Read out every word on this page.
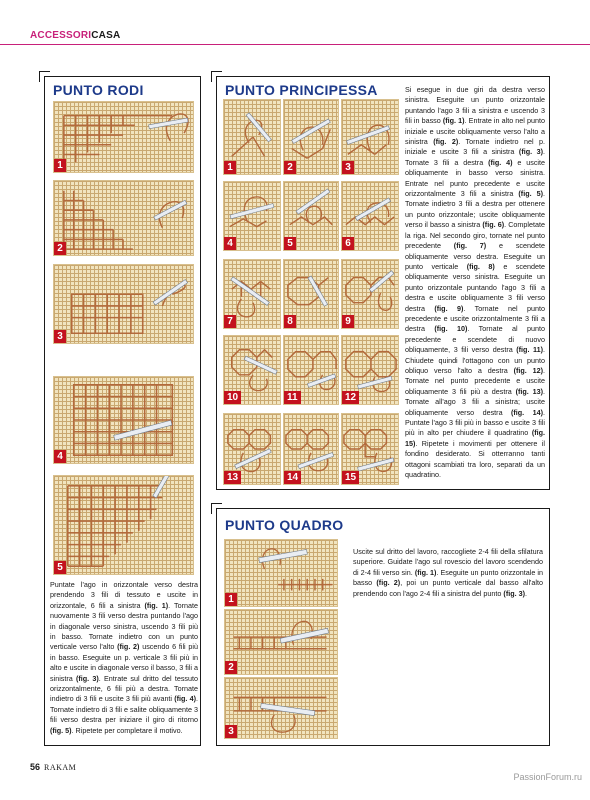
ACCESSORICASA
PUNTO RODI
1
2
3
4
5
Puntate l'ago in orizzontale verso destra prendendo 3 fili di tessuto e uscite in orizzontale, 6 fili a sinistra (fig. 1). Tornate nuovamente 3 fili verso destra puntando l'ago in diagonale verso sinistra, uscendo 3 fili più in basso. Tornate indietro con un punto verticale verso l'alto (fig. 2) uscendo 6 fili più in basso. Eseguite un p. verticale 3 fili più in alto e uscite in diagonale verso il basso, 3 fili a sinistra (fig. 3). Entrate sul dritto del tessuto orizzontalmente, 6 fili più a destra. Tornate indietro di 3 fili e uscite 3 fili più avanti (fig. 4). Tornate indietro di 3 fili e salite obliquamente 3 fili verso destra per iniziare il giro di ritorno (fig. 5). Ripetete per completare il motivo.
PUNTO PRINCIPESSA
1	2	3
4	5	6
7	8	9
10	11	12
13	14	15
Si esegue in due giri da destra verso sinistra. Eseguite un punto orizzontale puntando l'ago 3 fili a sinistra e uscendo 3 fili in basso (fig. 1). Entrate in alto nel punto iniziale e uscite obliquamente verso l'alto a sinistra (fig. 2). Tornate indietro nel p. iniziale e uscite 3 fili a sinistra (fig. 3). Tornate 3 fili a destra (fig. 4) e uscite obliquamente in basso verso sinistra. Entrate nel punto precedente e uscite orizzontalmente 3 fili a sinistra (fig. 5). Tornate indietro 3 fili a destra per ottenere un punto orizzontale; uscite obliquamente verso il basso a sinistra (fig. 6). Completate la riga. Nel secondo giro, tornate nel punto precedente (fig. 7) e scendete obliquamente verso destra. Eseguite un punto verticale (fig. 8) e scendete obliquamente verso sinistra. Eseguite un punto orizzontale puntando l'ago 3 fili a destra e uscite obliquamente 3 fili verso destra (fig. 9). Tornate nel punto precedente e uscite orizzontalmente 3 fili a destra (fig. 10). Tornate al punto precedente e scendete di nuovo obliquamente, 3 fili verso destra (fig. 11). Chiudete quindi l'ottagono con un punto obliquo verso l'alto a destra (fig. 12). Tornate nel punto precedente e uscite obliquamente 3 fili più a destra (fig. 13). Tornate all'ago 3 fili a sinistra; uscite obliquamente verso destra (fig. 14). Puntate l'ago 3 fili più in basso e uscite 3 fili più in alto per chiudere il quadratino (fig. 15). Ripetete i movimenti per ottenere il fondino desiderato. Si otterranno tanti ottagoni scambiati tra loro, separati da un quadratino.
PUNTO QUADRO
1
2
3
Uscite sul dritto del lavoro, raccogliete 2-4 fili della sfilatura superiore. Guidate l'ago sul rovescio del lavoro scendendo di 2-4 fili verso sin. (fig. 1). Eseguite un punto orizzontale in basso (fig. 2), poi un punto verticale dal basso all'alto prendendo con l'ago 2-4 fili a sinistra del punto (fig. 3).
56 RAKAM
PassionForum.ru
